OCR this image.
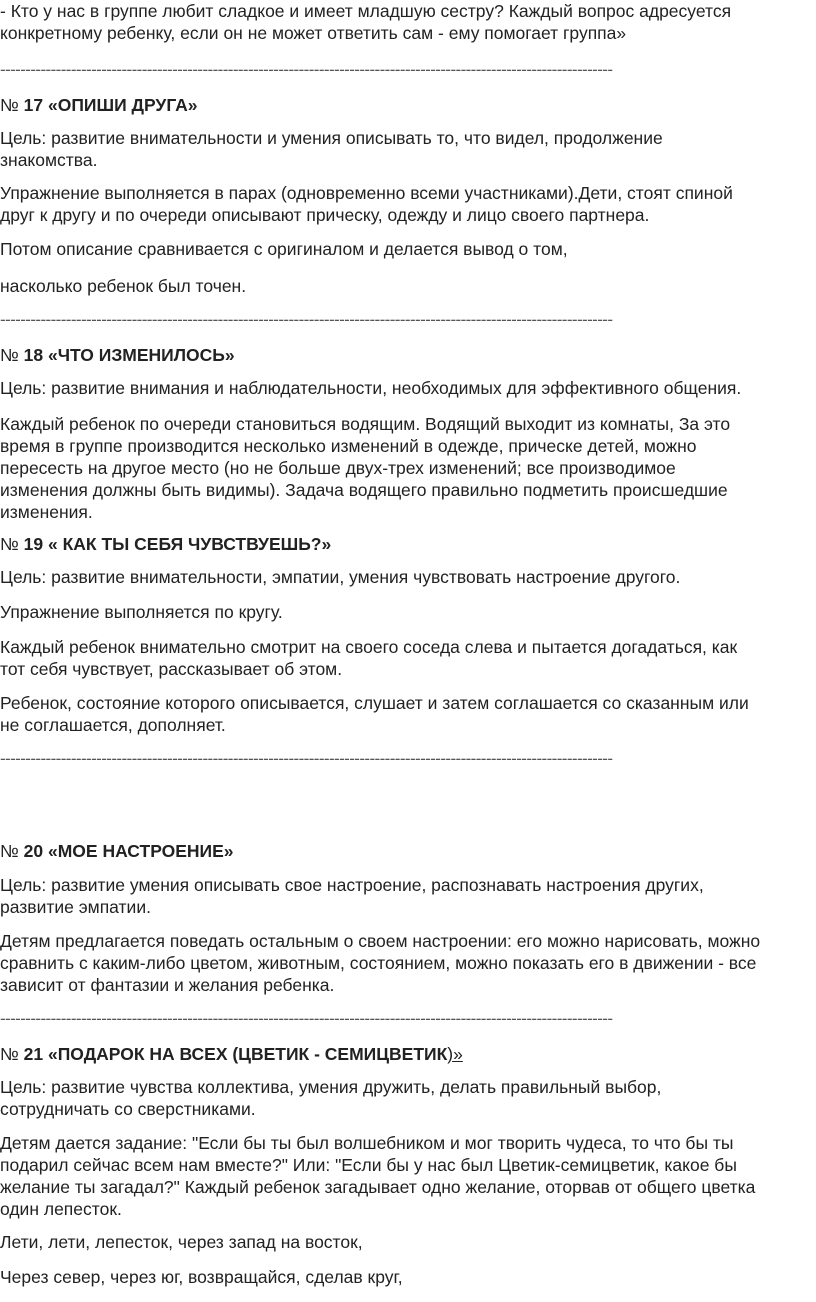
- Кто у нас в группе любит сладкое и имеет младшую сестру? Каждый вопрос адресуется
конкретному ребенку, если он не может ответить сам - ему помогает группа»
-------------------------------------------------------------------------------------------------------------------------
№ 17 «ОПИШИ ДРУГА»
Цель: развитие внимательности и умения описывать то, что видел, продолжение
знакомства.
Упражнение выполняется в парах (одновременно всеми участниками).Дети, стоят спиной
друг к другу и по очереди описывают прическу, одежду и лицо своего партнера.
Потом описание сравнивается с оригиналом и делается вывод о том,
насколько ребенок был точен.
-------------------------------------------------------------------------------------------------------------------------
№ 18 «ЧТО ИЗМЕНИЛОСЬ»
Цель: развитие внимания и наблюдательности, необходимых для эффективного общения.
Каждый ребенок по очереди становиться водящим. Водящий выходит из комнаты, За это
время в группе производится несколько изменений в одежде, прическе детей, можно
пересесть на другое место (но не больше двух-трех изменений; все производимое
изменения должны быть видимы). Задача водящего правильно подметить происшедшие
изменения.
№ 19 « КАК ТЫ СЕБЯ ЧУВСТВУЕШЬ?»
Цель: развитие внимательности, эмпатии, умения чувствовать настроение другого.
Упражнение выполняется по кругу.
Каждый ребенок внимательно смотрит на своего соседа слева и пытается догадаться, как
тот себя чувствует, рассказывает об этом.
Ребенок, состояние которого описывается, слушает и затем соглашается со сказанным или
не соглашается, дополняет.
-------------------------------------------------------------------------------------------------------------------------
№ 20 «МОЕ НАСТРОЕНИЕ»
Цель: развитие умения описывать свое настроение, распознавать настроения других,
развитие эмпатии.
Детям предлагается поведать остальным о своем настроении: его можно нарисовать, можно
сравнить с каким-либо цветом, животным, состоянием, можно показать его в движении - все
зависит от фантазии и желания ребенка.
-------------------------------------------------------------------------------------------------------------------------
№ 21 «ПОДАРОК НА ВСЕХ (ЦВЕТИК - СЕМИЦВЕТИК)»
Цель: развитие чувства коллектива, умения дружить, делать правильный выбор,
сотрудничать со сверстниками.
Детям дается задание: "Если бы ты был волшебником и мог творить чудеса, то что бы ты
подарил сейчас всем нам вместе?" Или: "Если бы у нас был Цветик-семицветик, какое бы
желание ты загадал?" Каждый ребенок загадывает одно желание, оторвав от общего цветка
один лепесток.
Лети, лети, лепесток, через запад на восток,
Через север, через юг, возвращайся, сделав круг,
